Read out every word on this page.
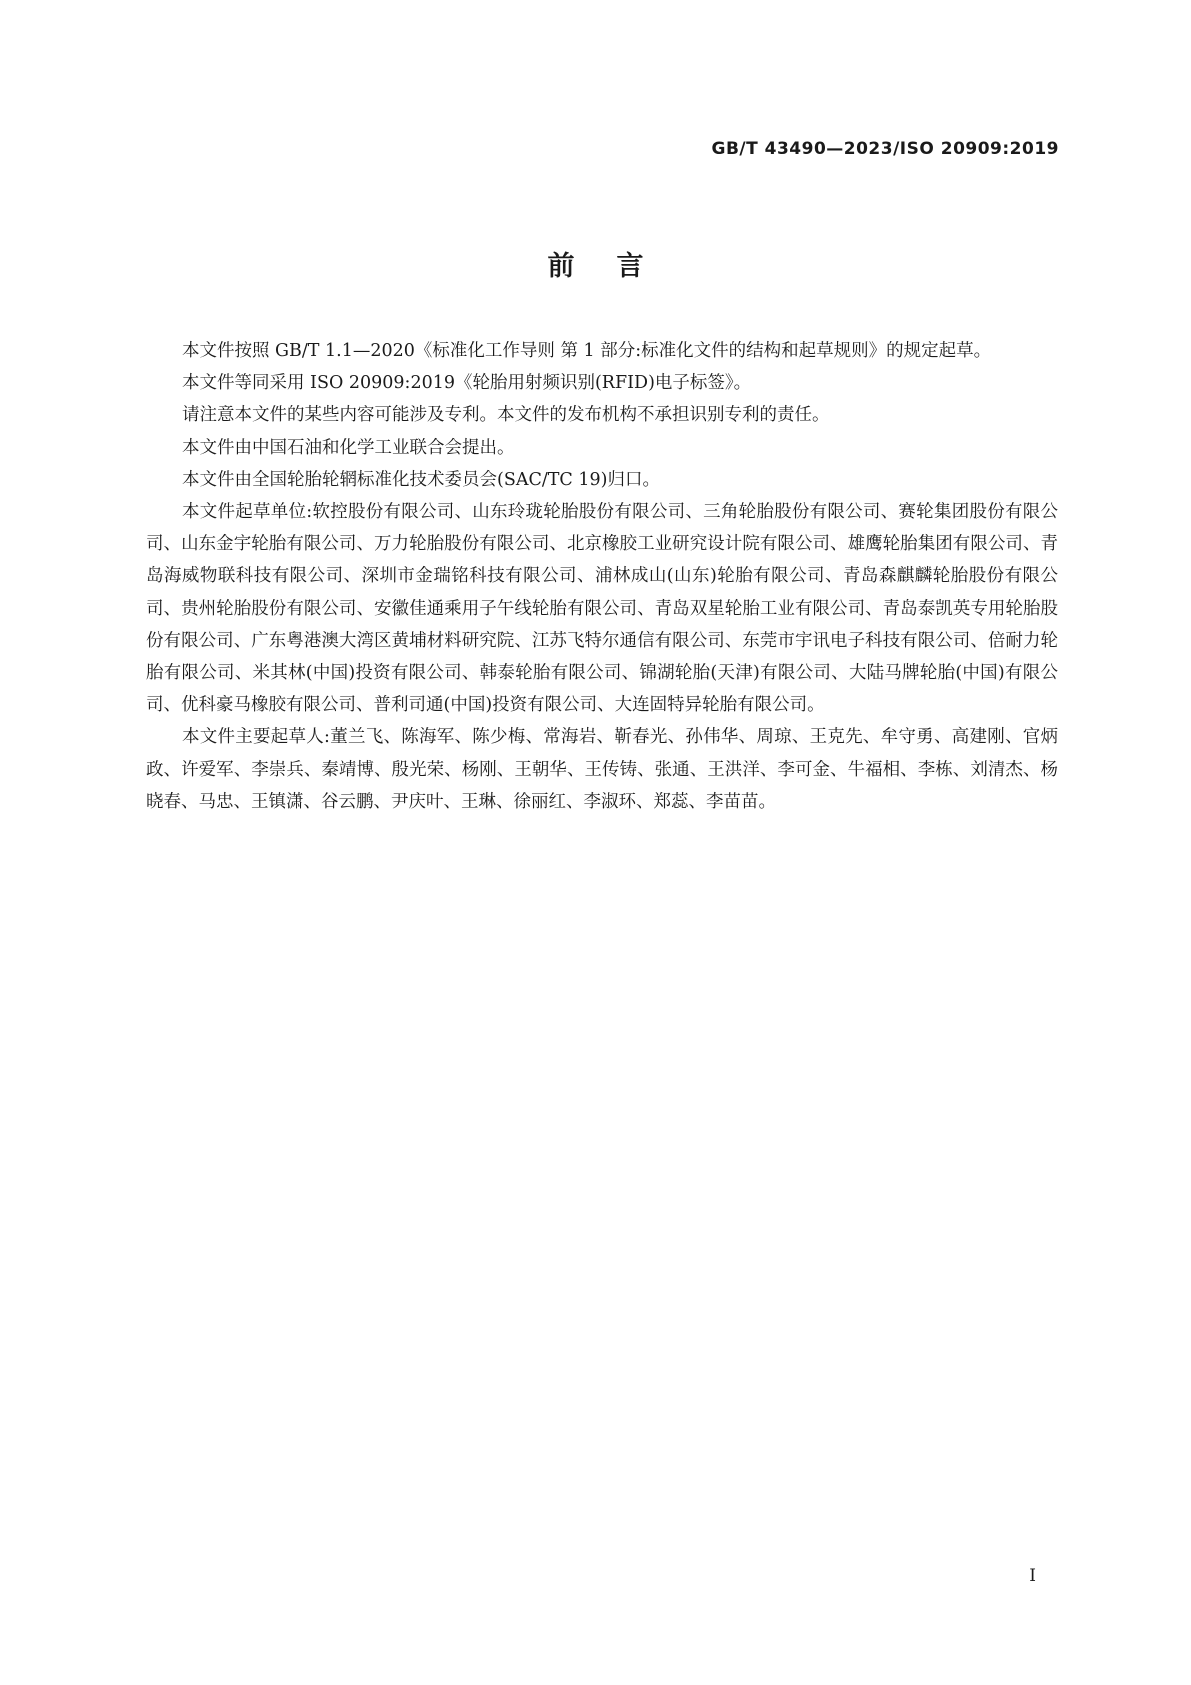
GB/T 43490—2023/ISO 20909:2019
前言

本文件按照 GB/T 1.1—2020《标准化工作导则 第 1 部分:标准化文件的结构和起草规则》的规定起草。

本文件等同采用 ISO 20909:2019《轮胎用射频识别(RFID)电子标签》。

请注意本文件的某些内容可能涉及专利。本文件的发布机构不承担识别专利的责任。

本文件由中国石油和化学工业联合会提出。

本文件由全国轮胎轮辋标准化技术委员会(SAC/TC 19)归口。

本文件起草单位:软控股份有限公司、山东玲珑轮胎股份有限公司、三角轮胎股份有限公司、赛轮集团股份有限公司、山东金宇轮胎有限公司、万力轮胎股份有限公司、北京橡胶工业研究设计院有限公司、雄鹰轮胎集团有限公司、青岛海威物联科技有限公司、深圳市金瑞铭科技有限公司、浦林成山(山东)轮胎有限公司、青岛森麒麟轮胎股份有限公司、贵州轮胎股份有限公司、安徽佳通乘用子午线轮胎有限公司、青岛双星轮胎工业有限公司、青岛泰凯英专用轮胎股份有限公司、广东粤港澳大湾区黄埔材料研究院、江苏飞特尔通信有限公司、东莞市宇讯电子科技有限公司、倍耐力轮胎有限公司、米其林(中国)投资有限公司、韩泰轮胎有限公司、锦湖轮胎(天津)有限公司、大陆马牌轮胎(中国)有限公司、优科豪马橡胶有限公司、普利司通(中国)投资有限公司、大连固特异轮胎有限公司。

本文件主要起草人:董兰飞、陈海军、陈少梅、常海岩、靳春光、孙伟华、周琼、王克先、牟守勇、高建刚、官炳政、许爱军、李崇兵、秦靖博、殷光荣、杨刚、王朝华、王传铸、张通、王洪洋、李可金、牛福相、李栋、刘清杰、杨晓春、马忠、王镇潇、谷云鹏、尹庆叶、王琳、徐丽红、李淑环、郑蕊、李苗苗。

I
